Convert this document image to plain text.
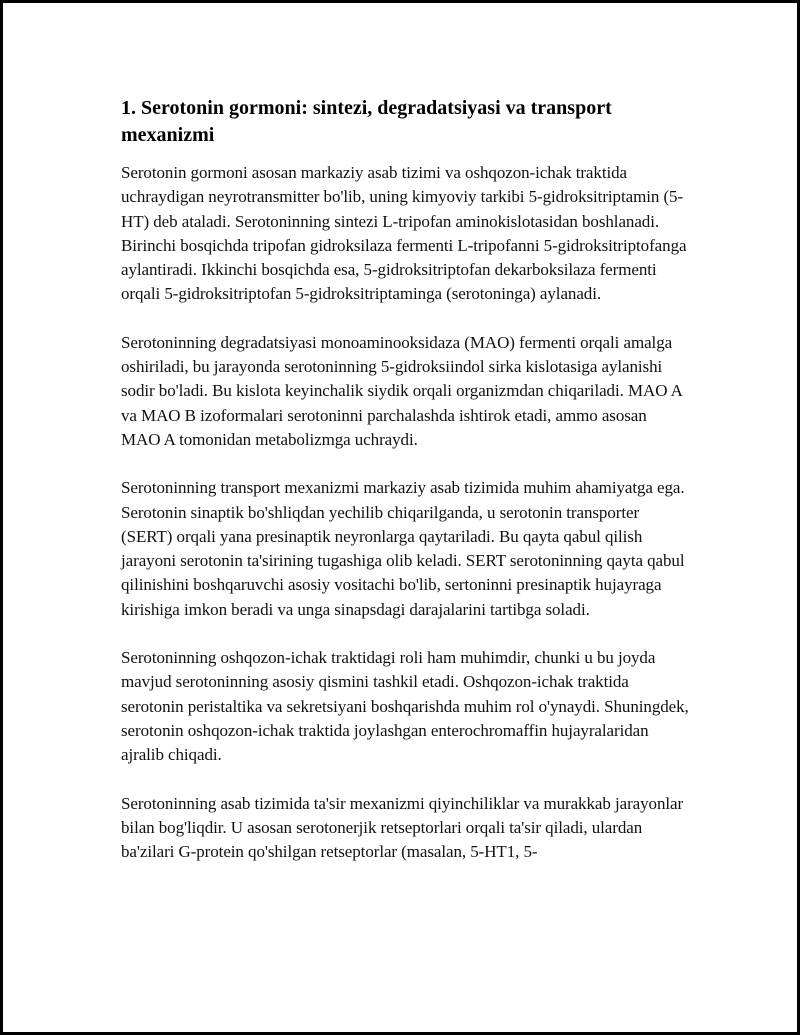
1. Serotonin gormoni: sintezi, degradatsiyasi va transport mexanizmi

Serotonin gormoni asosan markaziy asab tizimi va oshqozon-ichak traktida uchraydigan neyrotransmitter bo'lib, uning kimyoviy tarkibi 5-gidroksitriptamin (5-HT) deb ataladi. Serotoninning sintezi L-tripofan aminokislotasidan boshlanadi. Birinchi bosqichda tripofan gidroksilaza fermenti L-tripofanni 5-gidroksitriptofanga aylantiradi. Ikkinchi bosqichda esa, 5-gidroksitriptofan dekarboksilaza fermenti orqali 5-gidroksitriptofan 5-gidroksitriptaminga (serotoninga) aylanadi.

Serotoninning degradatsiyasi monoaminooksidaza (MAO) fermenti orqali amalga oshiriladi, bu jarayonda serotoninning 5-gidroksiindol sirka kislotasiga aylanishi sodir bo'ladi. Bu kislota keyinchalik siydik orqali organizmdan chiqariladi. MAO A va MAO B izoformalari serotoninni parchalashda ishtirok etadi, ammo asosan MAO A tomonidan metabolizmga uchraydi.

Serotoninning transport mexanizmi markaziy asab tizimida muhim ahamiyatga ega. Serotonin sinaptik bo'shliqdan yechilib chiqarilganda, u serotonin transporter (SERT) orqali yana presinaptik neyronlarga qaytariladi. Bu qayta qabul qilish jarayoni serotonin ta'sirining tugashiga olib keladi. SERT serotoninning qayta qabul qilinishini boshqaruvchi asosiy vositachi bo'lib, sertoninni presinaptik hujayraga kirishiga imkon beradi va unga sinapsdagi darajalarini tartibga soladi.

Serotoninning oshqozon-ichak traktidagi roli ham muhimdir, chunki u bu joyda mavjud serotoninning asosiy qismini tashkil etadi. Oshqozon-ichak traktida serotonin peristaltika va sekretsiyani boshqarishda muhim rol o'ynaydi. Shuningdek, serotonin oshqozon-ichak traktida joylashgan enterochromaffin hujayralaridan ajralib chiqadi.

Serotoninning asab tizimida ta'sir mexanizmi qiyinchiliklar va murakkab jarayonlar bilan bog'liqdir. U asosan serotonerjik retseptorlari orqali ta'sir qiladi, ulardan ba'zilari G-protein qo'shilgan retseptorlar (masalan, 5-HT1, 5-
